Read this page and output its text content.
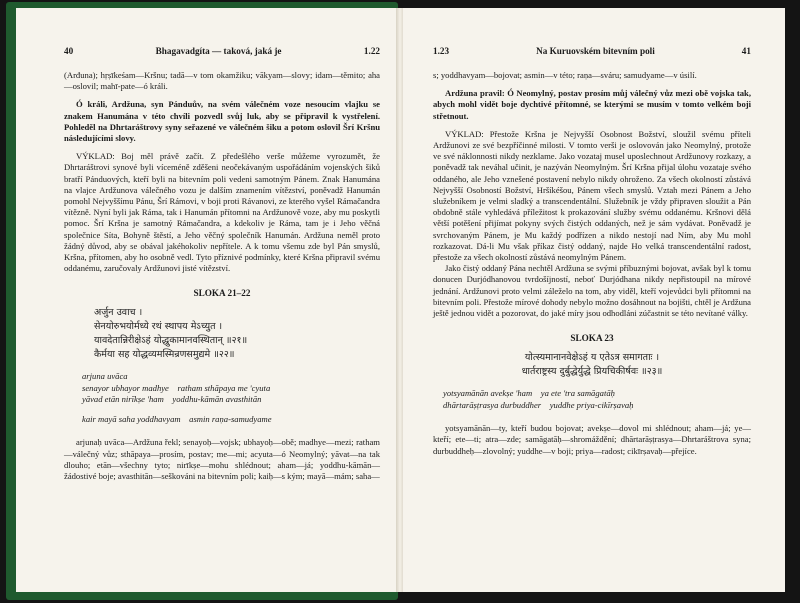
40	Bhagavadgíta — taková, jaká je	1.22

(Arđuna); hṛṣīkeśam—Kršnu; tadā—v tom okamžiku; vākyam—slovy; idam—těmito; aha—oslovil; mahī-pate—ó králi.

Ó králi, Ardžuna, syn Pánduův, na svém válečném voze nesoucím vlajku se znakem Hanumána v této chvíli pozvedl svůj luk, aby se připravil k vystřelení. Pohleděl na Dhrtaráštrovy syny seřazené ve válečném šiku a potom oslovil Šrí Kršnu následujícími slovy.

VÝKLAD: Boj měl právě začít. Z předešlého verše můžeme vyrozumět, že Dhrtaráštrovi synové byli víceméně zděšeni neočekávaným uspořádáním vojenských šiků bratří Pánduových, kteří byli na bitevním poli vedeni samotným Pánem. Znak Hanumána na vlajce Ardžunova válečného vozu je dalším znamením vítězství, poněvadž Hanumán pomohl Nejvyššímu Pánu, Šrí Rámovi, v boji proti Rávanovi, ze kterého vyšel Rámačandra vítězně. Nyní byli jak Ráma, tak i Hanumán přítomni na Ardžunově voze, aby mu poskytli pomoc. Šrí Kršna je samotný Rámačandra, a kdekoliv je Ráma, tam je i Jeho věčná společnice Síta, Bohyně štěstí, a Jeho věčný společník Hanumán. Ardžuna neměl proto žádný důvod, aby se obával jakéhokoliv nepřítele. A k tomu všemu zde byl Pán smyslů, Kršna, přítomen, aby ho osobně vedl. Tyto příznivé podmínky, které Kršna připravil svému oddanému, zaručovaly Ardžunovi jisté vítězství.

SLOKA 21–22
अर्जुन उवाच ।
सेनयोरुभयोर्मध्ये रथं स्थापय मेऽच्युत ।
यावदेतान्निरीक्षेऽहं योद्धुकामानवस्थितान् ॥२१॥
कैर्मया सह योद्धव्यमस्मिन्रणसमुद्यमे ॥२२॥
arjuna uvāca
senayor ubhayor madhye    ratham sthāpaya me 'cyuta
yāvad etān nirīkṣe 'ham    yoddhu-kāmān avasthitān
kair mayā saha yoddhavyam    asmin raṇa-samudyame

arjunaḥ uvāca—Ardžuna řekl; senayoḥ—vojsk; ubhayoḥ—obě; madhye—mezi; ratham—válečný vůz; sthāpaya—prosím, postav; me—mi; acyuta—ó Neomylný; yāvat—na tak dlouho; etān—všechny tyto; nirīkṣe—mohu shlédnout; aham—já; yoddhu-kāmān—žádostivé boje; avasthitān—seškováni na bitevním poli; kaiḥ—s kým; mayā—mám; saha—

1.23	Na Kuruovském bitevním poli	41

s; yoddhavyam—bojovat; asmin—v této; raṇa—sváru; samudyame—v úsilí.

Ardžuna pravil: Ó Neomylný, postav prosím můj válečný vůz mezi obě vojska tak, abych mohl vidět boje dychtivé přítomné, se kterými se musím v tomto velkém boji střetnout.

VÝKLAD: Přestože Kršna je Nejvyšší Osobnost Božství, sloužil svému příteli Ardžunovi ze své bezpříčinné milosti. V tomto verši je oslovován jako Neomylný, protože ve své náklonnosti nikdy nezklame. Jako vozataj musel uposlechnout Ardžunovy rozkazy, a poněvadž tak neváhal učinit, je nazýván Neomylným. Šrí Kršna přijal úlohu vozataje svého oddaného, ale Jeho vznešené postavení nebylo nikdy ohroženo. Za všech okolností zůstává Nejvyšší Osobností Božství, Hršíkéšou, Pánem všech smyslů. Vztah mezi Pánem a Jeho služebníkem je velmi sladký a transcendentální. Služebník je vždy připraven sloužit a Pán obdobně stále vyhledává příležitost k prokazování služby svému oddanému. Kršnovi dělá větší potěšení přijímat pokyny svých čistých oddaných, než je sám vydávat. Poněvadž je svrchovaným Pánem, je Mu každý podřízen a nikdo nestojí nad Ním, aby Mu mohl rozkazovat. Dá-li Mu však příkaz čistý oddaný, najde Ho velká transcendentální radost, přestože za všech okolností zůstává neomylným Pánem.

Jako čistý oddaný Pána nechtěl Ardžuna se svými příbuznými bojovat, avšak byl k tomu donucen Durjódhanovou tvrdošíjností, neboť Durjódhana nikdy nepřistoupil na mírové jednání. Ardžunovi proto velmi záleželo na tom, aby viděl, kteří vojevůdci byli přítomni na bitevním poli. Přestože mírové dohody nebylo možno dosáhnout na bojišti, chtěl je Ardžuna ještě jednou vidět a pozorovat, do jaké míry jsou odhodláni zúčastnit se této nevítané války.

SLOKA 23
योत्स्यमानानवेक्षेऽहं य एतेऽत्र समागताः ।
धार्तराष्ट्रस्य दुर्बुद्धेर्युद्धे प्रियचिकीर्षवः ॥२३॥
yotsyamānān avekṣe 'ham    ya ete 'tra samāgatāḥ
dhārtarāṣṭrasya durbuddher    yuddhe priya-cikīrṣavaḥ

yotsyamānān—ty, kteří budou bojovat; avekṣe—dovol mi shlédnout; aham—já; ye—kteří; ete—ti; atra—zde; samāgatāḥ—shromáždění; dhārtarāṣṭrasya—Dhrtaráštrova syna; durbuddheḥ—zlovolný; yuddhe—v boji; priya—radost; cikīrṣavaḥ—přejíce.
